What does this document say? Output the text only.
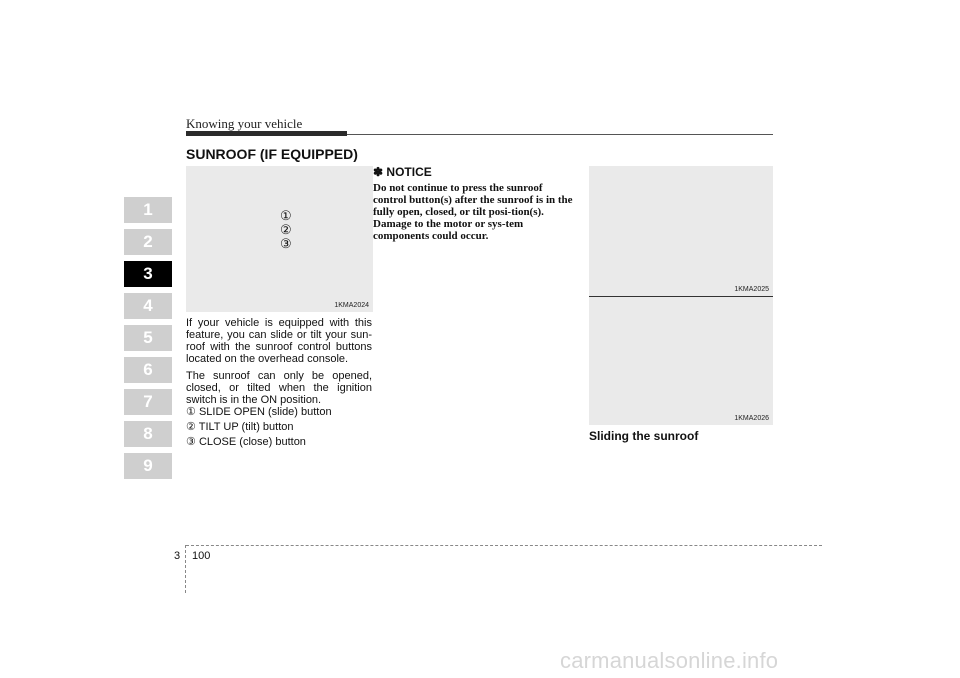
Knowing your vehicle
1
2
3
4
5
6
7
8
9
SUNROOF (IF EQUIPPED)
①
②
③
1KMA2024

If your vehicle is equipped with this feature, you can slide or tilt your sun-roof with the sunroof control buttons located on the overhead console.

The sunroof can only be opened, closed, or tilted when the ignition switch is in the ON position.

① SLIDE OPEN (slide) button
② TILT UP (tilt) button
③ CLOSE (close) button
✽ NOTICE
Do not continue to press the sunroof control button(s) after the sunroof is in the fully open, closed, or tilt posi-tion(s). Damage to the motor or sys-tem components could occur.
1KMA2025
1KMA2026
Sliding the sunroof
3 100
carmanualsonline.info
